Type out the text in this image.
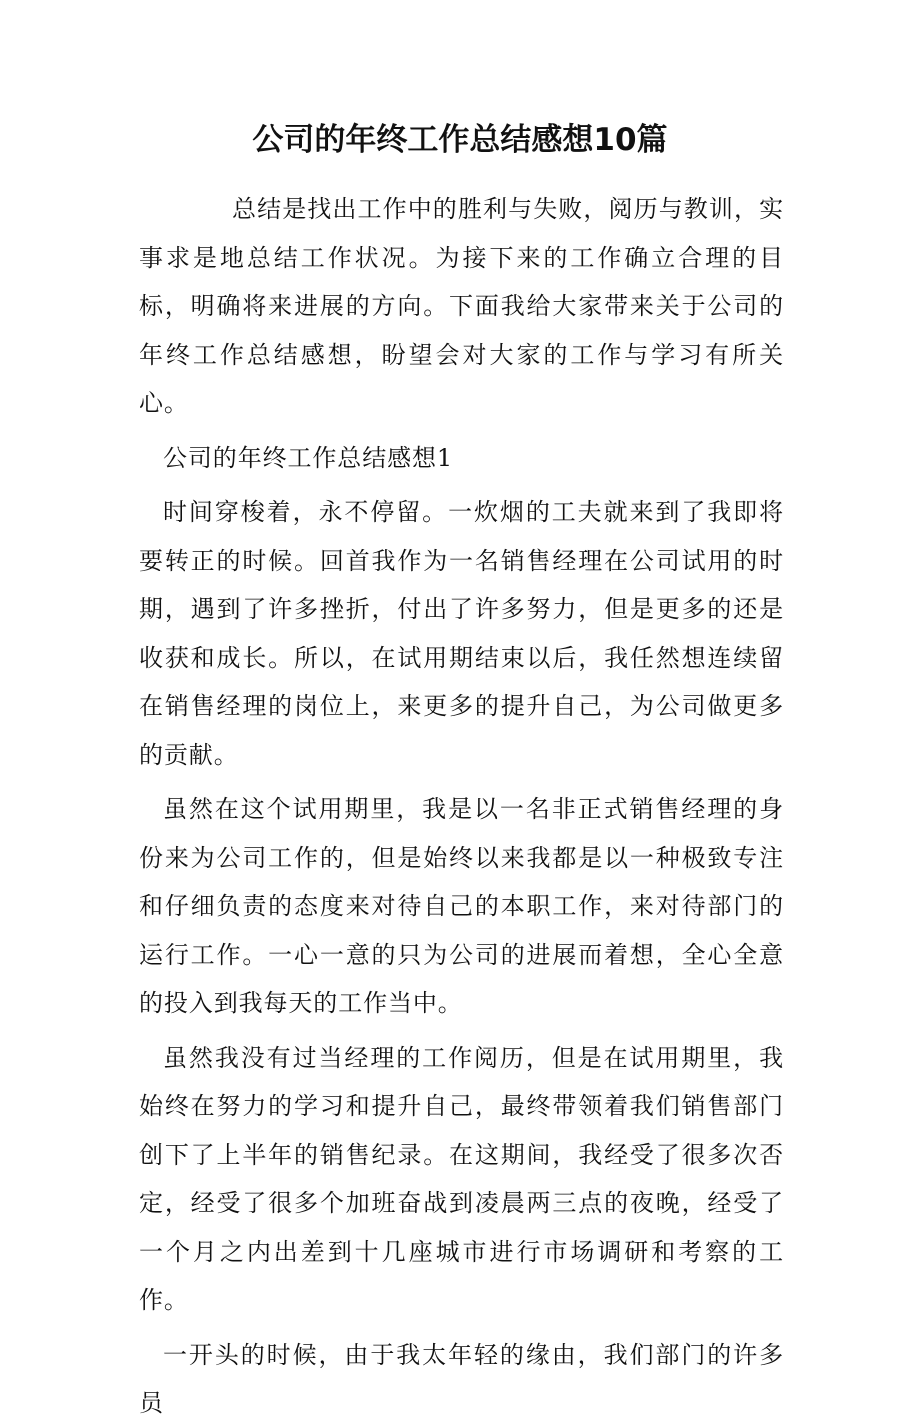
公司的年终工作总结感想10篇

总结是找出工作中的胜利与失败，阅历与教训，实事求是地总结工作状况。为接下来的工作确立合理的目标，明确将来进展的方向。下面我给大家带来关于公司的年终工作总结感想，盼望会对大家的工作与学习有所关心。

公司的年终工作总结感想1

时间穿梭着，永不停留。一炊烟的工夫就来到了我即将要转正的时候。回首我作为一名销售经理在公司试用的时期，遇到了许多挫折，付出了许多努力，但是更多的还是收获和成长。所以，在试用期结束以后，我任然想连续留在销售经理的岗位上，来更多的提升自己，为公司做更多的贡献。

虽然在这个试用期里，我是以一名非正式销售经理的身份来为公司工作的，但是始终以来我都是以一种极致专注和仔细负责的态度来对待自己的本职工作，来对待部门的运行工作。一心一意的只为公司的进展而着想，全心全意的投入到我每天的工作当中。

虽然我没有过当经理的工作阅历，但是在试用期里，我始终在努力的学习和提升自己，最终带领着我们销售部门创下了上半年的销售纪录。在这期间，我经受了很多次否定，经受了很多个加班奋战到凌晨两三点的夜晚，经受了一个月之内出差到十几座城市进行市场调研和考察的工作。

一开头的时候，由于我太年轻的缘由，我们部门的许多员
